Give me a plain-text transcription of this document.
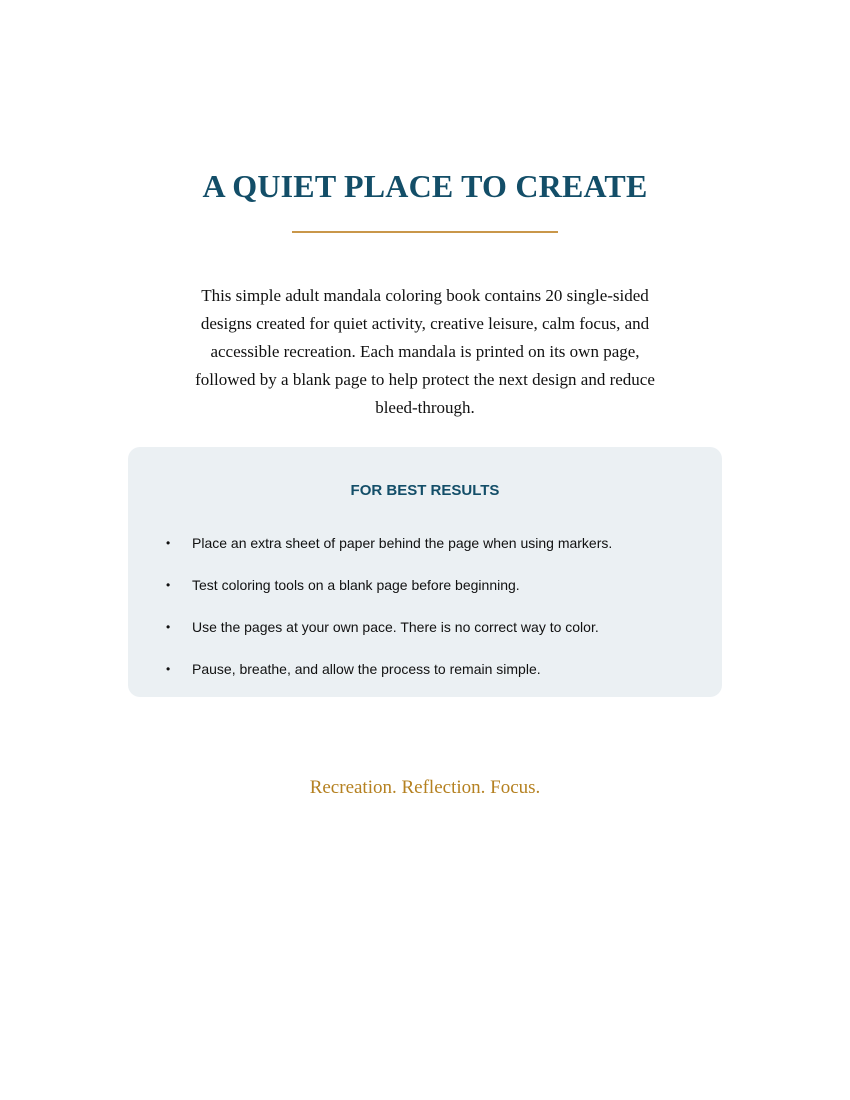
A QUIET PLACE TO CREATE

This simple adult mandala coloring book contains 20 single-sided designs created for quiet activity, creative leisure, calm focus, and accessible recreation. Each mandala is printed on its own page, followed by a blank page to help protect the next design and reduce bleed-through.

FOR BEST RESULTS
•	Place an extra sheet of paper behind the page when using markers.
•	Test coloring tools on a blank page before beginning.
•	Use the pages at your own pace. There is no correct way to color.
•	Pause, breathe, and allow the process to remain simple.

Recreation. Reflection. Focus.
